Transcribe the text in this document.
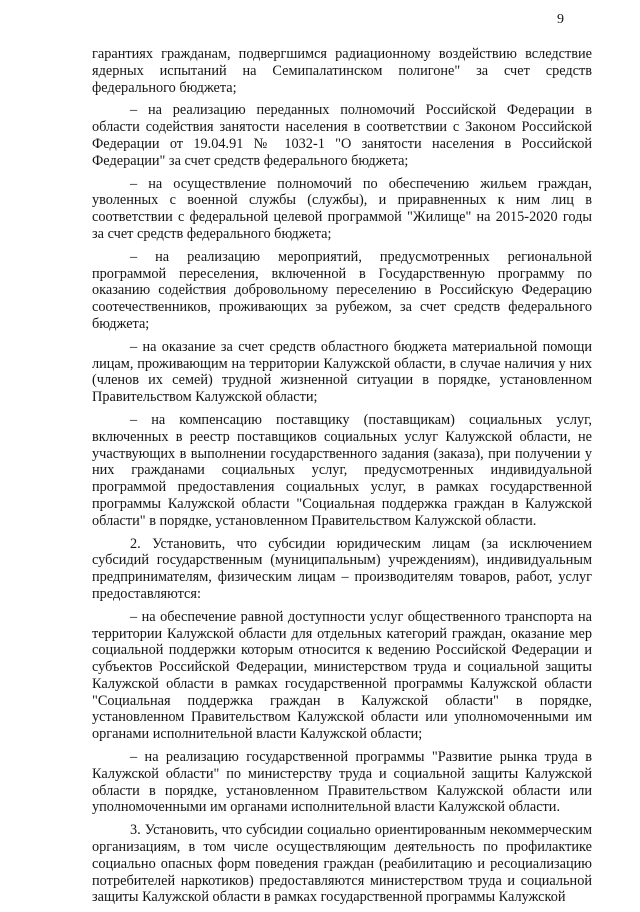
9

гарантиях гражданам, подвергшимся радиационному воздействию вследствие ядерных испытаний на Семипалатинском полигоне" за счет средств федерального бюджета;

– на реализацию переданных полномочий Российской Федерации в области содействия занятости населения в соответствии с Законом Российской Федерации от 19.04.91 № 1032-1 "О занятости населения в Российской Федерации" за счет средств федерального бюджета;

– на осуществление полномочий по обеспечению жильем граждан, уволенных с военной службы (службы), и приравненных к ним лиц в соответствии с федеральной целевой программой "Жилище" на 2015-2020 годы за счет средств федерального бюджета;

– на реализацию мероприятий, предусмотренных региональной программой переселения, включенной в Государственную программу по оказанию содействия добровольному переселению в Российскую Федерацию соотечественников, проживающих за рубежом, за счет средств федерального бюджета;

– на оказание за счет средств областного бюджета материальной помощи лицам, проживающим на территории Калужской области, в случае наличия у них (членов их семей) трудной жизненной ситуации в порядке, установленном Правительством Калужской области;

– на компенсацию поставщику (поставщикам) социальных услуг, включенных в реестр поставщиков социальных услуг Калужской области, не участвующих в выполнении государственного задания (заказа), при получении у них гражданами социальных услуг, предусмотренных индивидуальной программой предоставления социальных услуг, в рамках государственной программы Калужской области "Социальная поддержка граждан в Калужской области" в порядке, установленном Правительством Калужской области.

2. Установить, что субсидии юридическим лицам (за исключением субсидий государственным (муниципальным) учреждениям), индивидуальным предпринимателям, физическим лицам – производителям товаров, работ, услуг предоставляются:

– на обеспечение равной доступности услуг общественного транспорта на территории Калужской области для отдельных категорий граждан, оказание мер социальной поддержки которым относится к ведению Российской Федерации и субъектов Российской Федерации, министерством труда и социальной защиты Калужской области в рамках государственной программы Калужской области "Социальная поддержка граждан в Калужской области" в порядке, установленном Правительством Калужской области или уполномоченными им органами исполнительной власти Калужской области;

– на реализацию государственной программы "Развитие рынка труда в Калужской области" по министерству труда и социальной защиты Калужской области в порядке, установленном Правительством Калужской области или уполномоченными им органами исполнительной власти Калужской области.

3. Установить, что субсидии социально ориентированным некоммерческим организациям, в том числе осуществляющим деятельность по профилактике социально опасных форм поведения граждан (реабилитацию и ресоциализацию потребителей наркотиков) предоставляются министерством труда и социальной защиты Калужской области в рамках государственной программы Калужской
